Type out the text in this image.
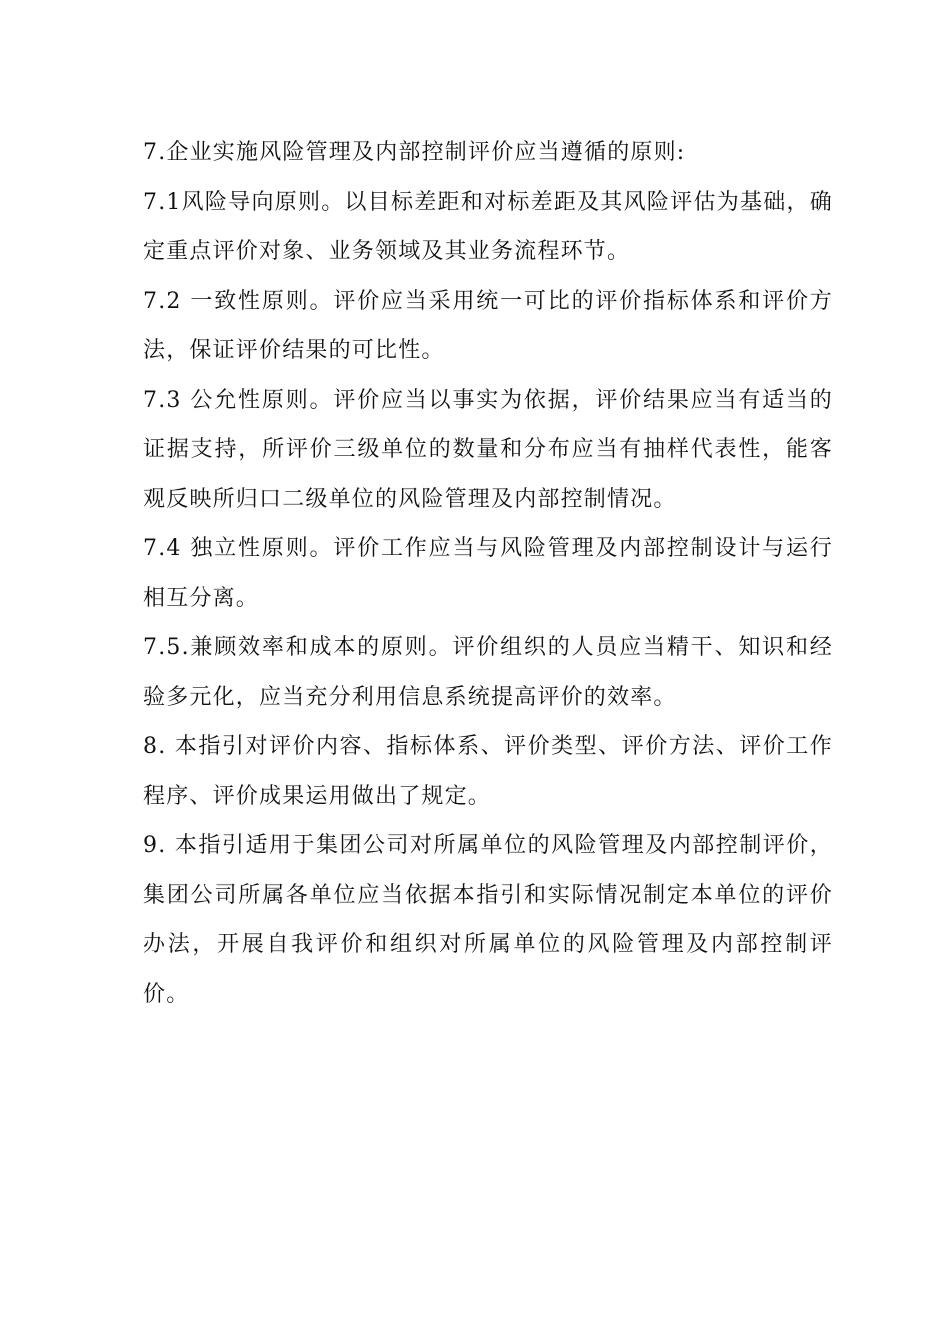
7.企业实施风险管理及内部控制评价应当遵循的原则:

7.1风险导向原则。以目标差距和对标差距及其风险评估为基础，确定重点评价对象、业务领域及其业务流程环节。

7.2 一致性原则。评价应当采用统一可比的评价指标体系和评价方法，保证评价结果的可比性。

7.3 公允性原则。评价应当以事实为依据，评价结果应当有适当的证据支持，所评价三级单位的数量和分布应当有抽样代表性，能客观反映所归口二级单位的风险管理及内部控制情况。

7.4 独立性原则。评价工作应当与风险管理及内部控制设计与运行相互分离。

7.5.兼顾效率和成本的原则。评价组织的人员应当精干、知识和经验多元化，应当充分利用信息系统提高评价的效率。

8. 本指引对评价内容、指标体系、评价类型、评价方法、评价工作程序、评价成果运用做出了规定。

9. 本指引适用于集团公司对所属单位的风险管理及内部控制评价，集团公司所属各单位应当依据本指引和实际情况制定本单位的评价办法，开展自我评价和组织对所属单位的风险管理及内部控制评价。
